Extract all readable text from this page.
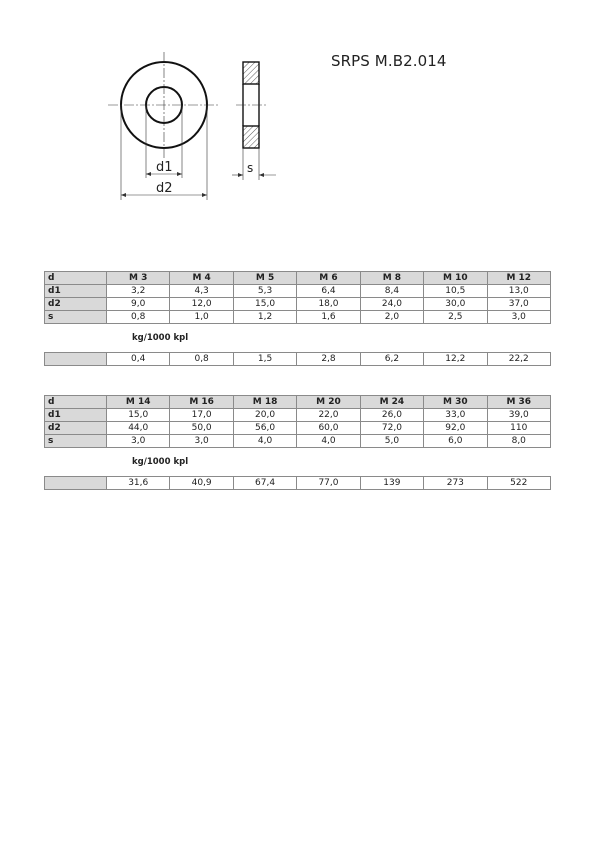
SRPS M.B2.014
d1
d2
s
d	M 3	M 4	M 5	M 6	M 8	M 10	M 12
d1	3,2	4,3	5,3	6,4	8,4	10,5	13,0
d2	9,0	12,0	15,0	18,0	24,0	30,0	37,0
s	0,8	1,0	1,2	1,6	2,0	2,5	3,0
kg/1000 kpl
	0,4	0,8	1,5	2,8	6,2	12,2	22,2
d	M 14	M 16	M 18	M 20	M 24	M 30	M 36
d1	15,0	17,0	20,0	22,0	26,0	33,0	39,0
d2	44,0	50,0	56,0	60,0	72,0	92,0	110
s	3,0	3,0	4,0	4,0	5,0	6,0	8,0
kg/1000 kpl
	31,6	40,9	67,4	77,0	139	273	522
